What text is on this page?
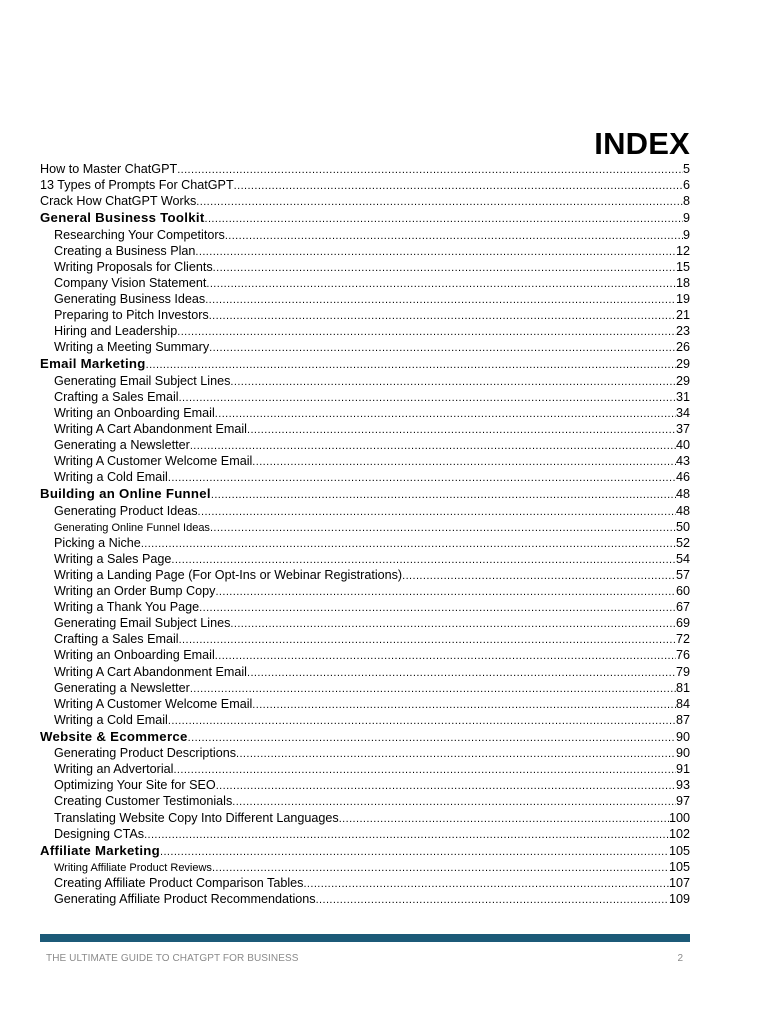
INDEX
How to Master ChatGPT .....	5
13 Types of Prompts For ChatGPT .....	6
Crack How ChatGPT Works .....	8
General Business Toolkit .....	9
Researching Your Competitors .....	9
Creating a Business Plan .....	12
Writing Proposals for Clients .....	15
Company Vision Statement .....	18
Generating Business Ideas .....	19
Preparing to Pitch Investors .....	21
Hiring and Leadership .....	23
Writing a Meeting Summary .....	26
Email Marketing .....	29
Generating Email Subject Lines .....	29
Crafting a Sales Email .....	31
Writing an Onboarding Email .....	34
Writing A Cart Abandonment Email .....	37
Generating a Newsletter .....	40
Writing A Customer Welcome Email .....	43
Writing a Cold Email .....	46
Building an Online Funnel .....	48
Generating Product Ideas .....	48
Generating Online Funnel Ideas .....	50
Picking a Niche .....	52
Writing a Sales Page .....	54
Writing a Landing Page (For Opt-Ins or Webinar Registrations) .....	57
Writing an Order Bump Copy .....	60
Writing a Thank You Page .....	67
Generating Email Subject Lines .....	69
Crafting a Sales Email .....	72
Writing an Onboarding Email .....	76
Writing A Cart Abandonment Email .....	79
Generating a Newsletter .....	81
Writing A Customer Welcome Email .....	84
Writing a Cold Email .....	87
Website & Ecommerce .....	90
Generating Product Descriptions .....	90
Writing an Advertorial .....	91
Optimizing Your Site for SEO .....	93
Creating Customer Testimonials .....	97
Translating Website Copy Into Different Languages .....	100
Designing CTAs .....	102
Affiliate Marketing .....	105
Writing Affiliate Product Reviews .....	105
Creating Affiliate Product Comparison Tables .....	107
Generating Affiliate Product Recommendations .....	109
THE ULTIMATE GUIDE TO CHATGPT FOR BUSINESS	2
